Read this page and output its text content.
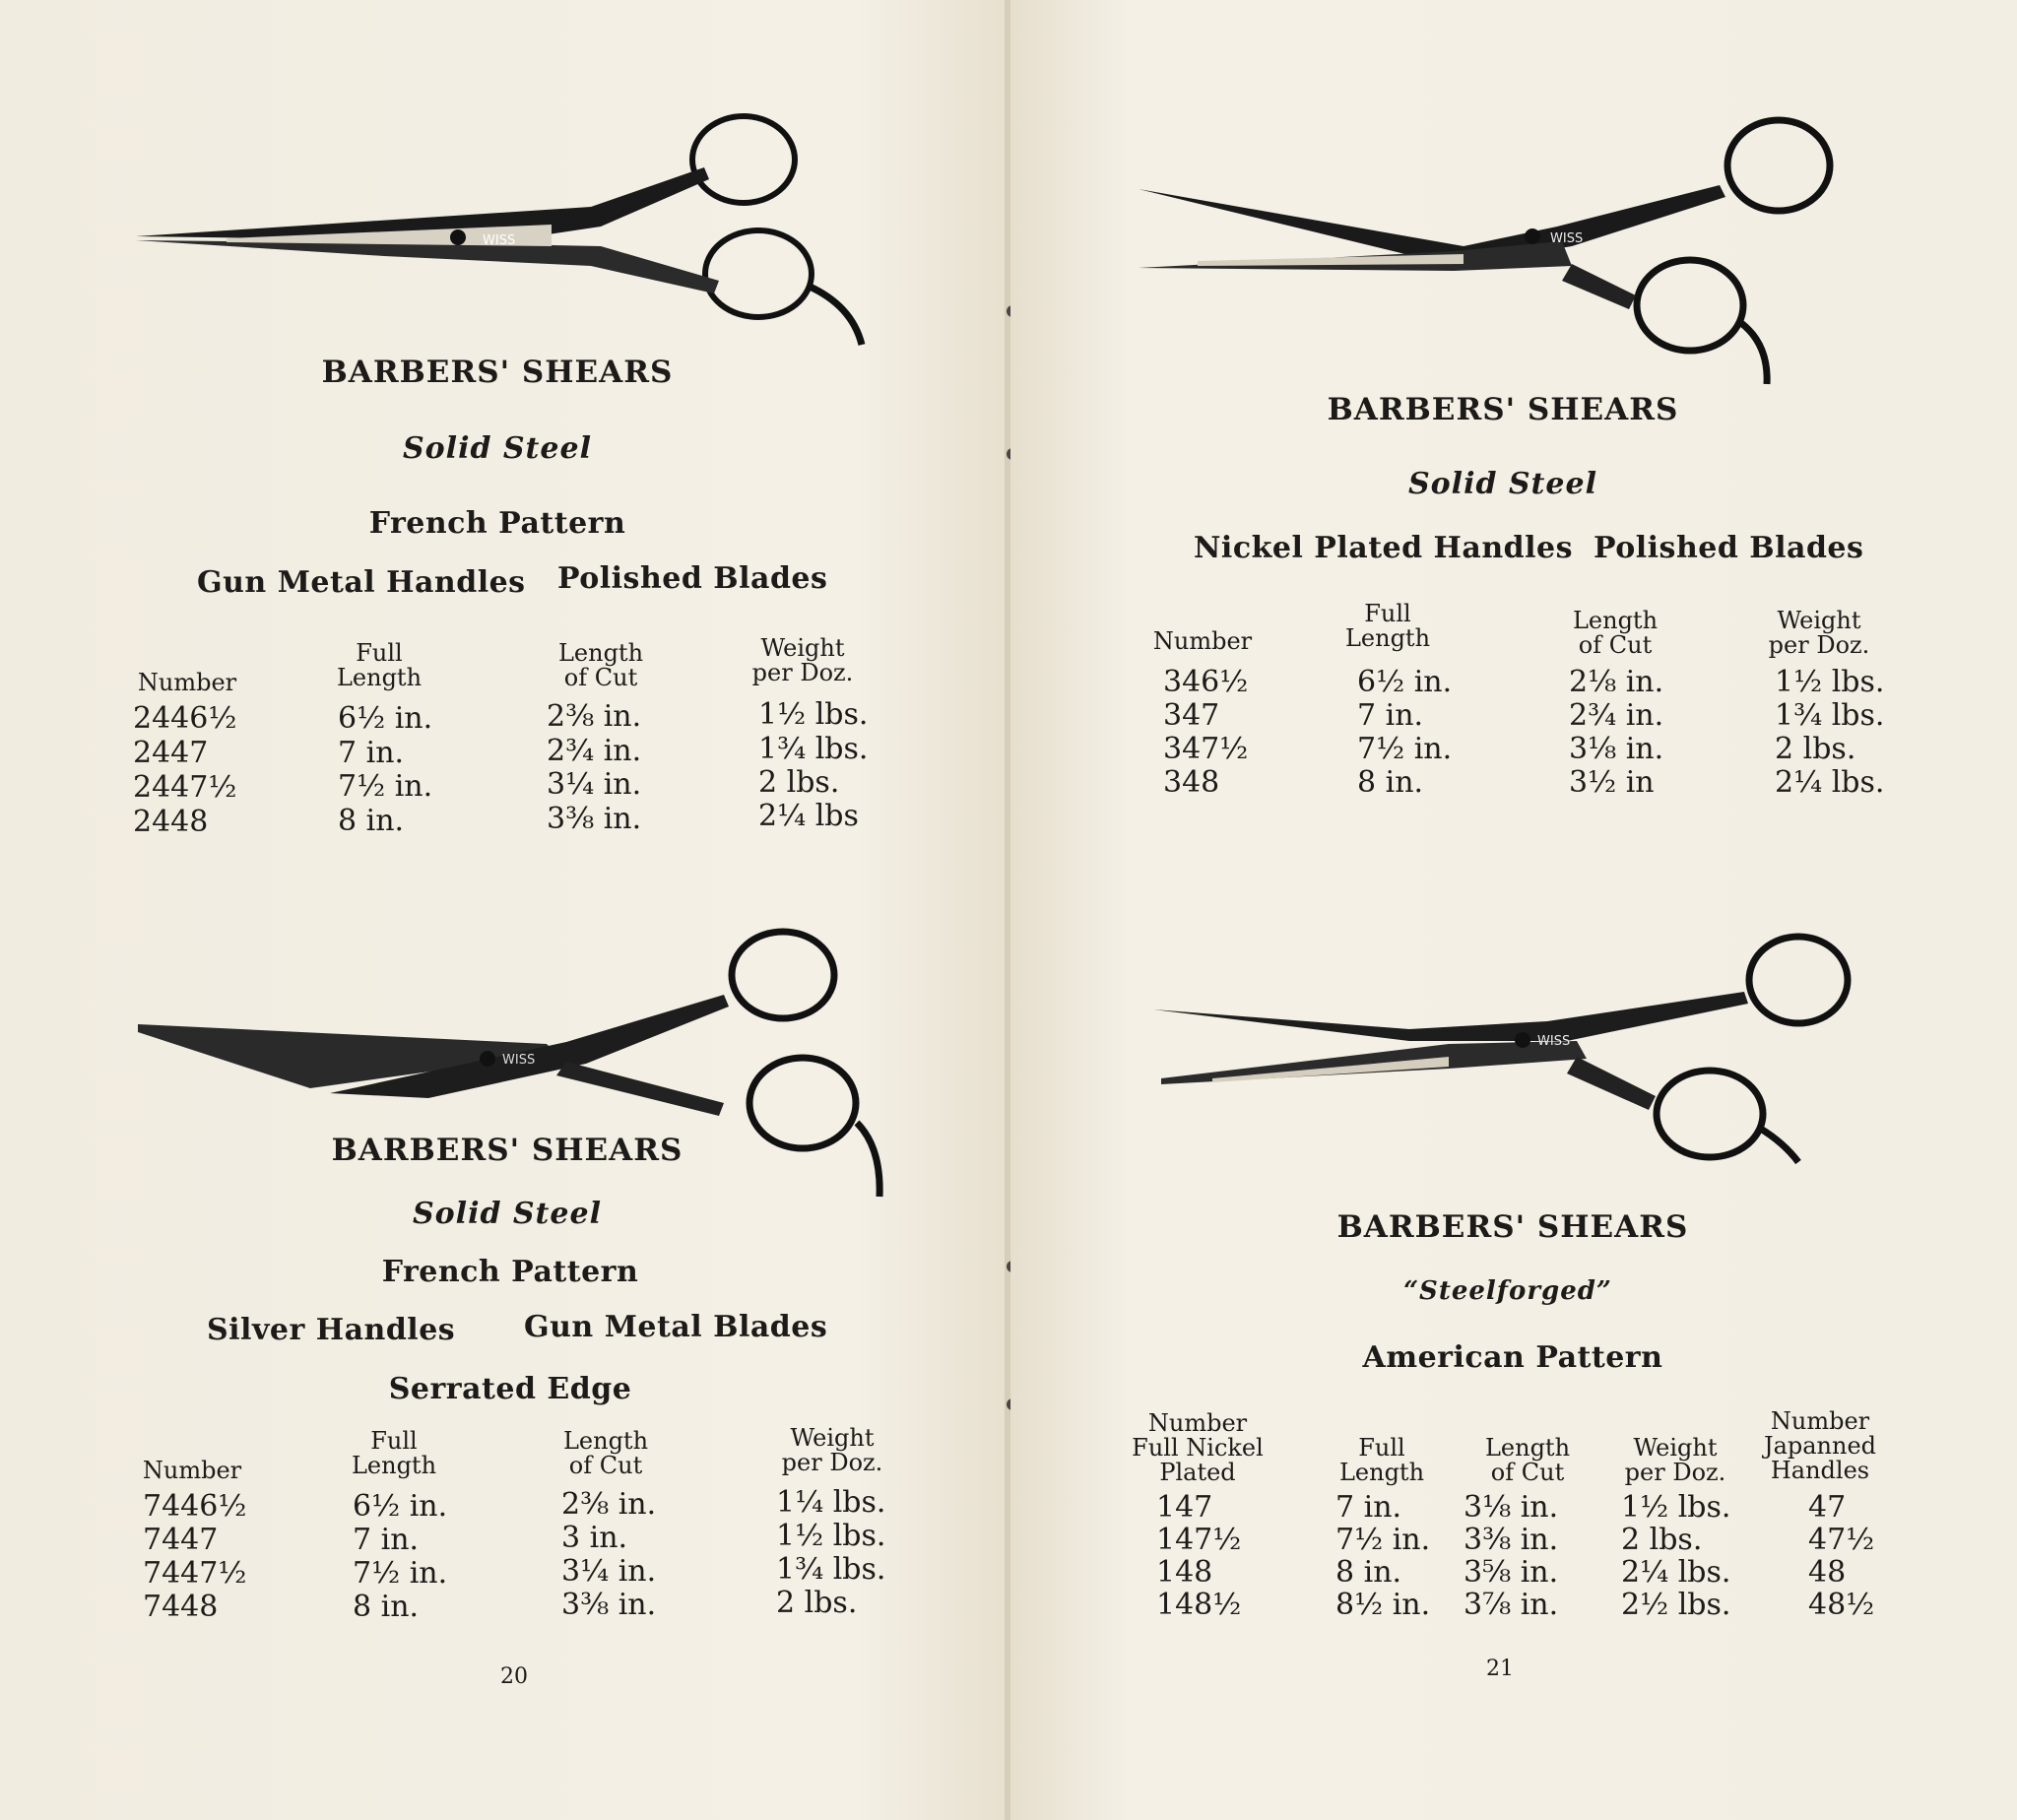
WISS
BARBERS' SHEARS
Solid Steel
French Pattern
Gun Metal Handles Polished Blades
Number
Full
Length
Length
of Cut
Weight
per Doz.
2446½	6½ in.	2⅜ in.	1½ lbs.
2447	7 in.	2¾ in.	1¾ lbs.
2447½	7½ in.	3¼ in.	2 lbs.
2448	8 in.	3⅜ in.	2¼ lbs
WISS
BARBERS' SHEARS
Solid Steel
French Pattern
Silver Handles Gun Metal Blades
Serrated Edge
Number
Full
Length
Length
of Cut
Weight
per Doz.
7446½	6½ in.	2⅜ in.	1¼ lbs.
7447	7 in.	3 in.	1½ lbs.
7447½	7½ in.	3¼ in.	1¾ lbs.
7448	8 in.	3⅜ in.	2 lbs.
20
WISS
BARBERS' SHEARS
Solid Steel
Nickel Plated Handles Polished Blades
Number
Full
Length
Length
of Cut
Weight
per Doz.
346½	6½ in.	2⅛ in.	1½ lbs.
347	7 in.	2¾ in.	1¾ lbs.
347½	7½ in.	3⅛ in.	2 lbs.
348	8 in.	3½ in	2¼ lbs.
WISS
BARBERS' SHEARS
“Steelforged”
American Pattern
Number
Full Nickel
Plated
Full
Length
Length
of Cut
Weight
per Doz.
Number
Japanned
Handles
147	7 in. 3⅛ in. 1½ lbs.	47
147½	7½ in. 3⅜ in. 2 lbs.	47½
148	8 in. 3⅝ in. 2¼ lbs.	48
148½	8½ in. 3⅞ in. 2½ lbs.	48½
21
